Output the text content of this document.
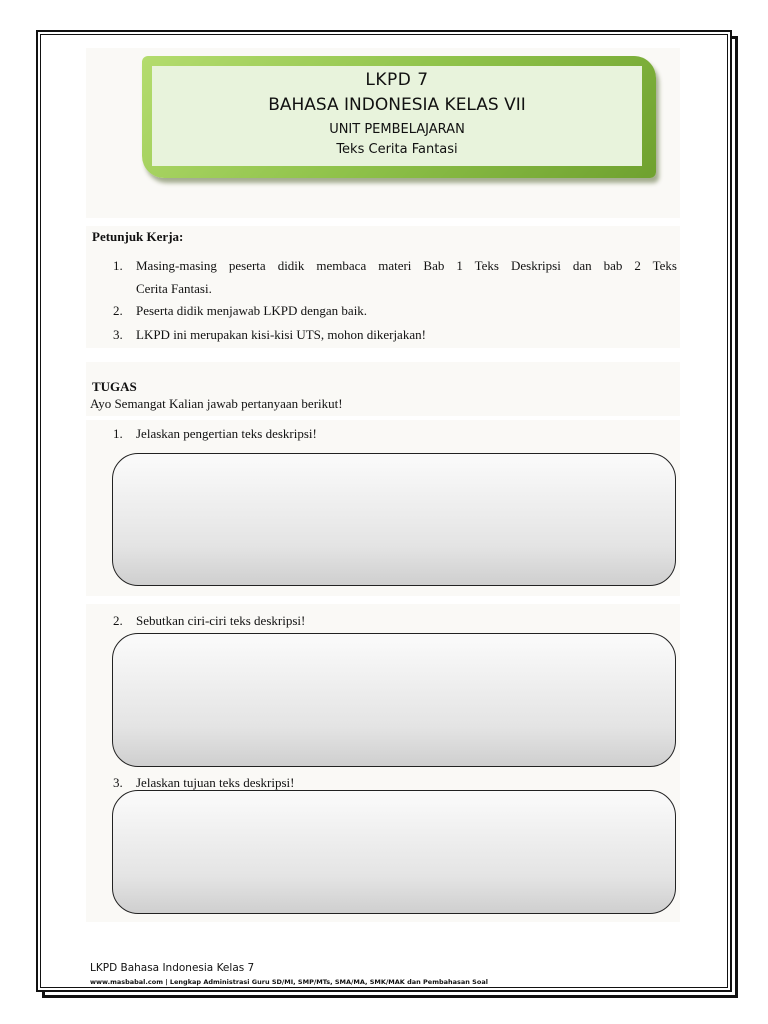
LKPD 7
BAHASA INDONESIA KELAS VII
UNIT PEMBELAJARAN
Teks Cerita Fantasi
Petunjuk Kerja:
1. Masing-masing peserta didik membaca materi Bab 1 Teks Deskripsi dan bab 2 Teks
Cerita Fantasi.
2. Peserta didik menjawab LKPD dengan baik.
3. LKPD ini merupakan kisi-kisi UTS, mohon dikerjakan!
TUGAS
Ayo Semangat Kalian jawab pertanyaan berikut!
1. Jelaskan pengertian teks deskripsi!
2. Sebutkan ciri-ciri teks deskripsi!
3. Jelaskan tujuan teks deskripsi!
LKPD Bahasa Indonesia Kelas 7
www.masbabal.com | Lengkap Administrasi Guru SD/MI, SMP/MTs, SMA/MA, SMK/MAK dan Pembahasan Soal
